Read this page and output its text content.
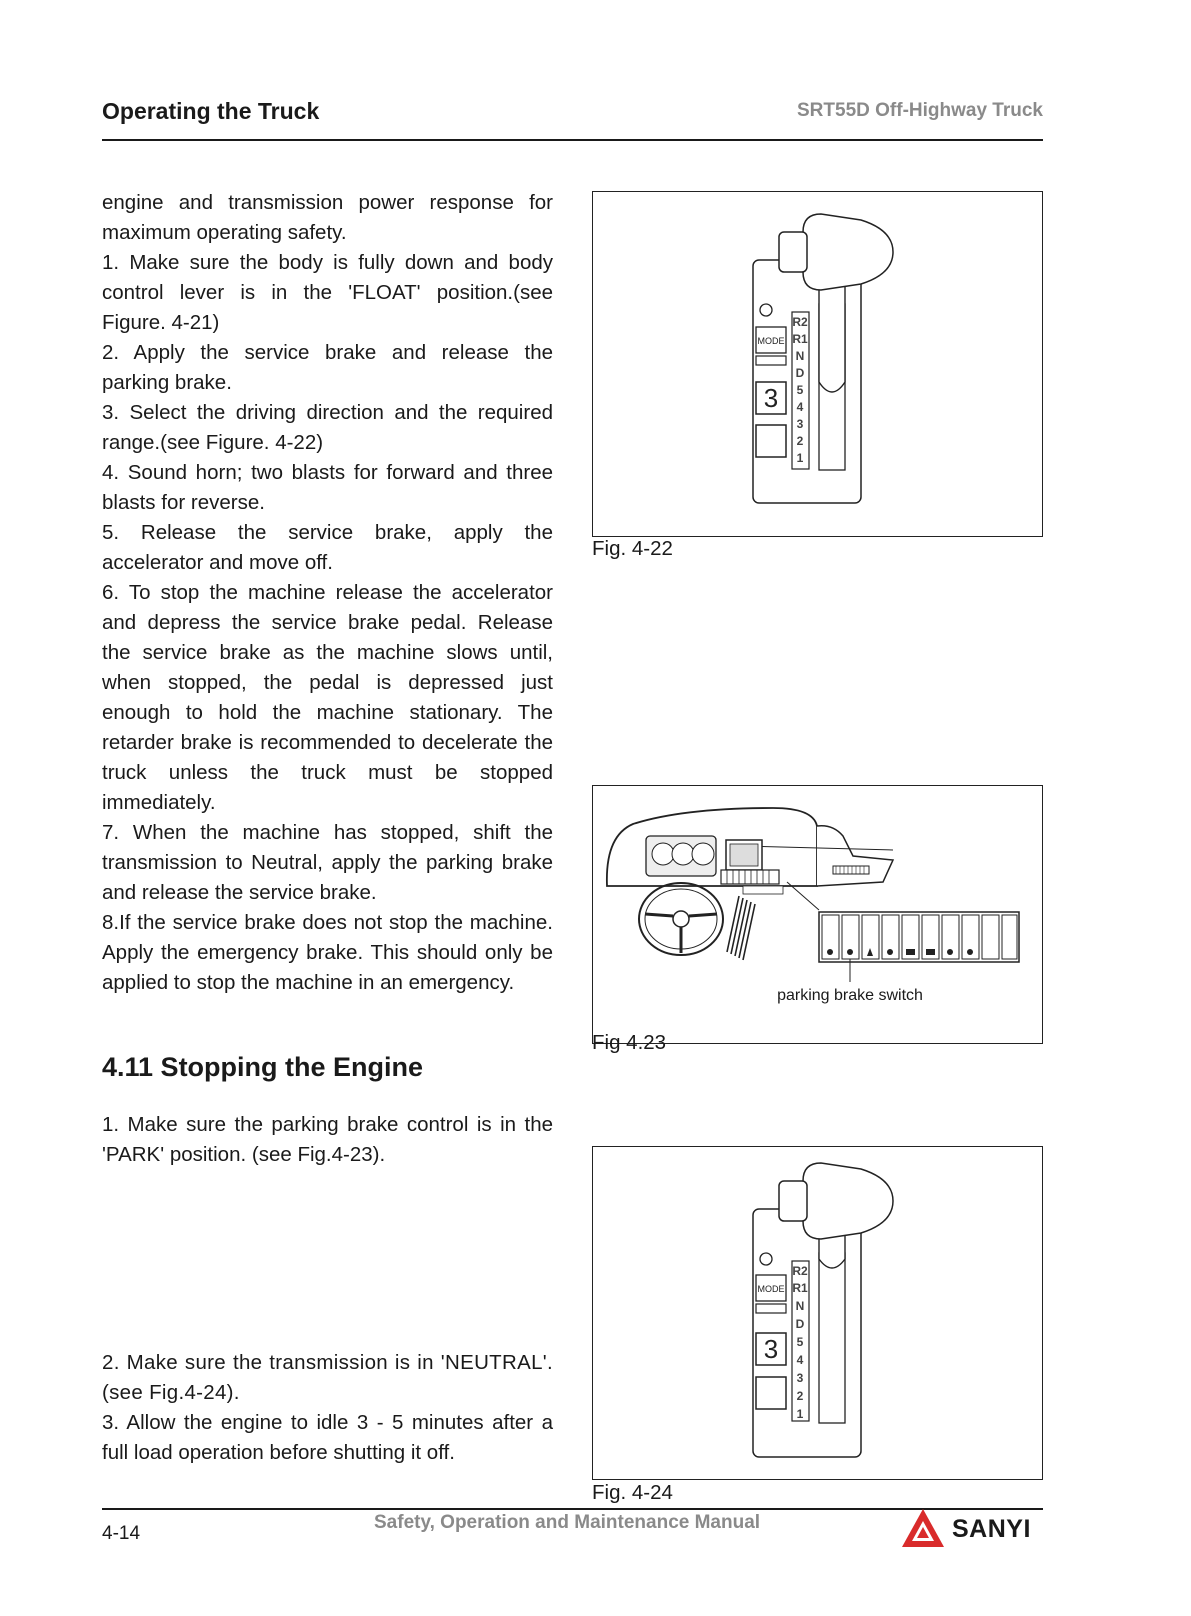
Operating the Truck	SRT55D Off-Highway Truck

engine and transmission power response for maximum operating safety.

1. Make sure the body is fully down and body control lever is in the 'FLOAT' position.(see Figure. 4-21)

2. Apply the service brake and release the parking brake.

3. Select the driving direction and the required range.(see Figure. 4-22)

4. Sound horn; two blasts for forward and three blasts for reverse.

5. Release the service brake, apply the accelerator and move off.

6. To stop the machine release the accelerator and depress the service brake pedal. Release the service brake as the machine slows until, when stopped, the pedal is depressed just enough to hold the machine stationary. The retarder brake is recommended to decelerate the truck unless the truck must be stopped immediately.

7. When the machine has stopped, shift the transmission to Neutral, apply the parking brake and release the service brake.

8.If the service brake does not stop the machine. Apply the emergency brake. This should only be applied to stop the machine in an emergency.

4.11 Stopping the Engine

1. Make sure the parking brake control is in the 'PARK' position. (see Fig.4-23).

2. Make sure the transmission is in 'NEUTRAL'.(see Fig.4-24).

3. Allow the engine to idle 3 - 5 minutes after a full load operation before shutting it off.

MODE
3
R2
R1
N
D
5
4
3
2
1
Fig. 4-22
parking brake switch
Fig 4.23
MODE
3
R2
R1
N
D
5
4
3
2
1
Fig. 4-24
4-14
Safety, Operation and Maintenance Manual	SANYI
